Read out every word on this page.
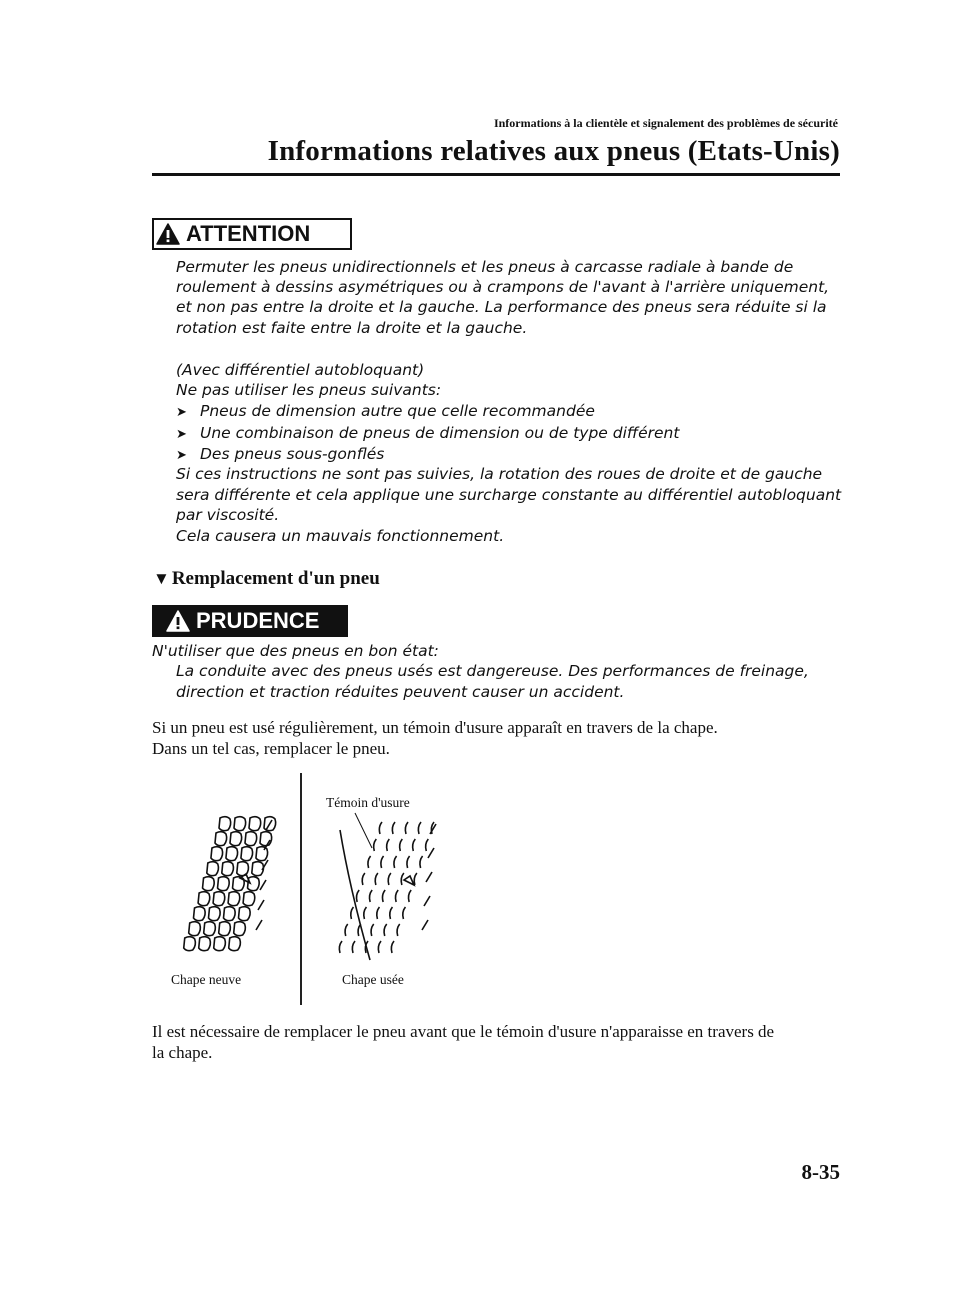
Informations à la clientèle et signalement des problèmes de sécurité
Informations relatives aux pneus (Etats-Unis)
ATTENTION
Permuter les pneus unidirectionnels et les pneus à carcasse radiale à bande de
roulement à dessins asymétriques ou à crampons de l'avant à l'arrière uniquement,
et non pas entre la droite et la gauche. La performance des pneus sera réduite si la
rotation est faite entre la droite et la gauche.
(Avec différentiel autobloquant)
Ne pas utiliser les pneus suivants:
➤ Pneus de dimension autre que celle recommandée
➤ Une combinaison de pneus de dimension ou de type différent
➤ Des pneus sous-gonflés
Si ces instructions ne sont pas suivies, la rotation des roues de droite et de gauche
sera différente et cela applique une surcharge constante au différentiel autobloquant
par viscosité.
Cela causera un mauvais fonctionnement.
▼ Remplacement d'un pneu
PRUDENCE
N'utiliser que des pneus en bon état:
La conduite avec des pneus usés est dangereuse. Des performances de freinage,
direction et traction réduites peuvent causer un accident.
Si un pneu est usé régulièrement, un témoin d'usure apparaît en travers de la chape.
Dans un tel cas, remplacer le pneu.
Témoin d'usure
Chape neuve	Chape usée
Il est nécessaire de remplacer le pneu avant que le témoin d'usure n'apparaisse en travers de
la chape.
8-35
